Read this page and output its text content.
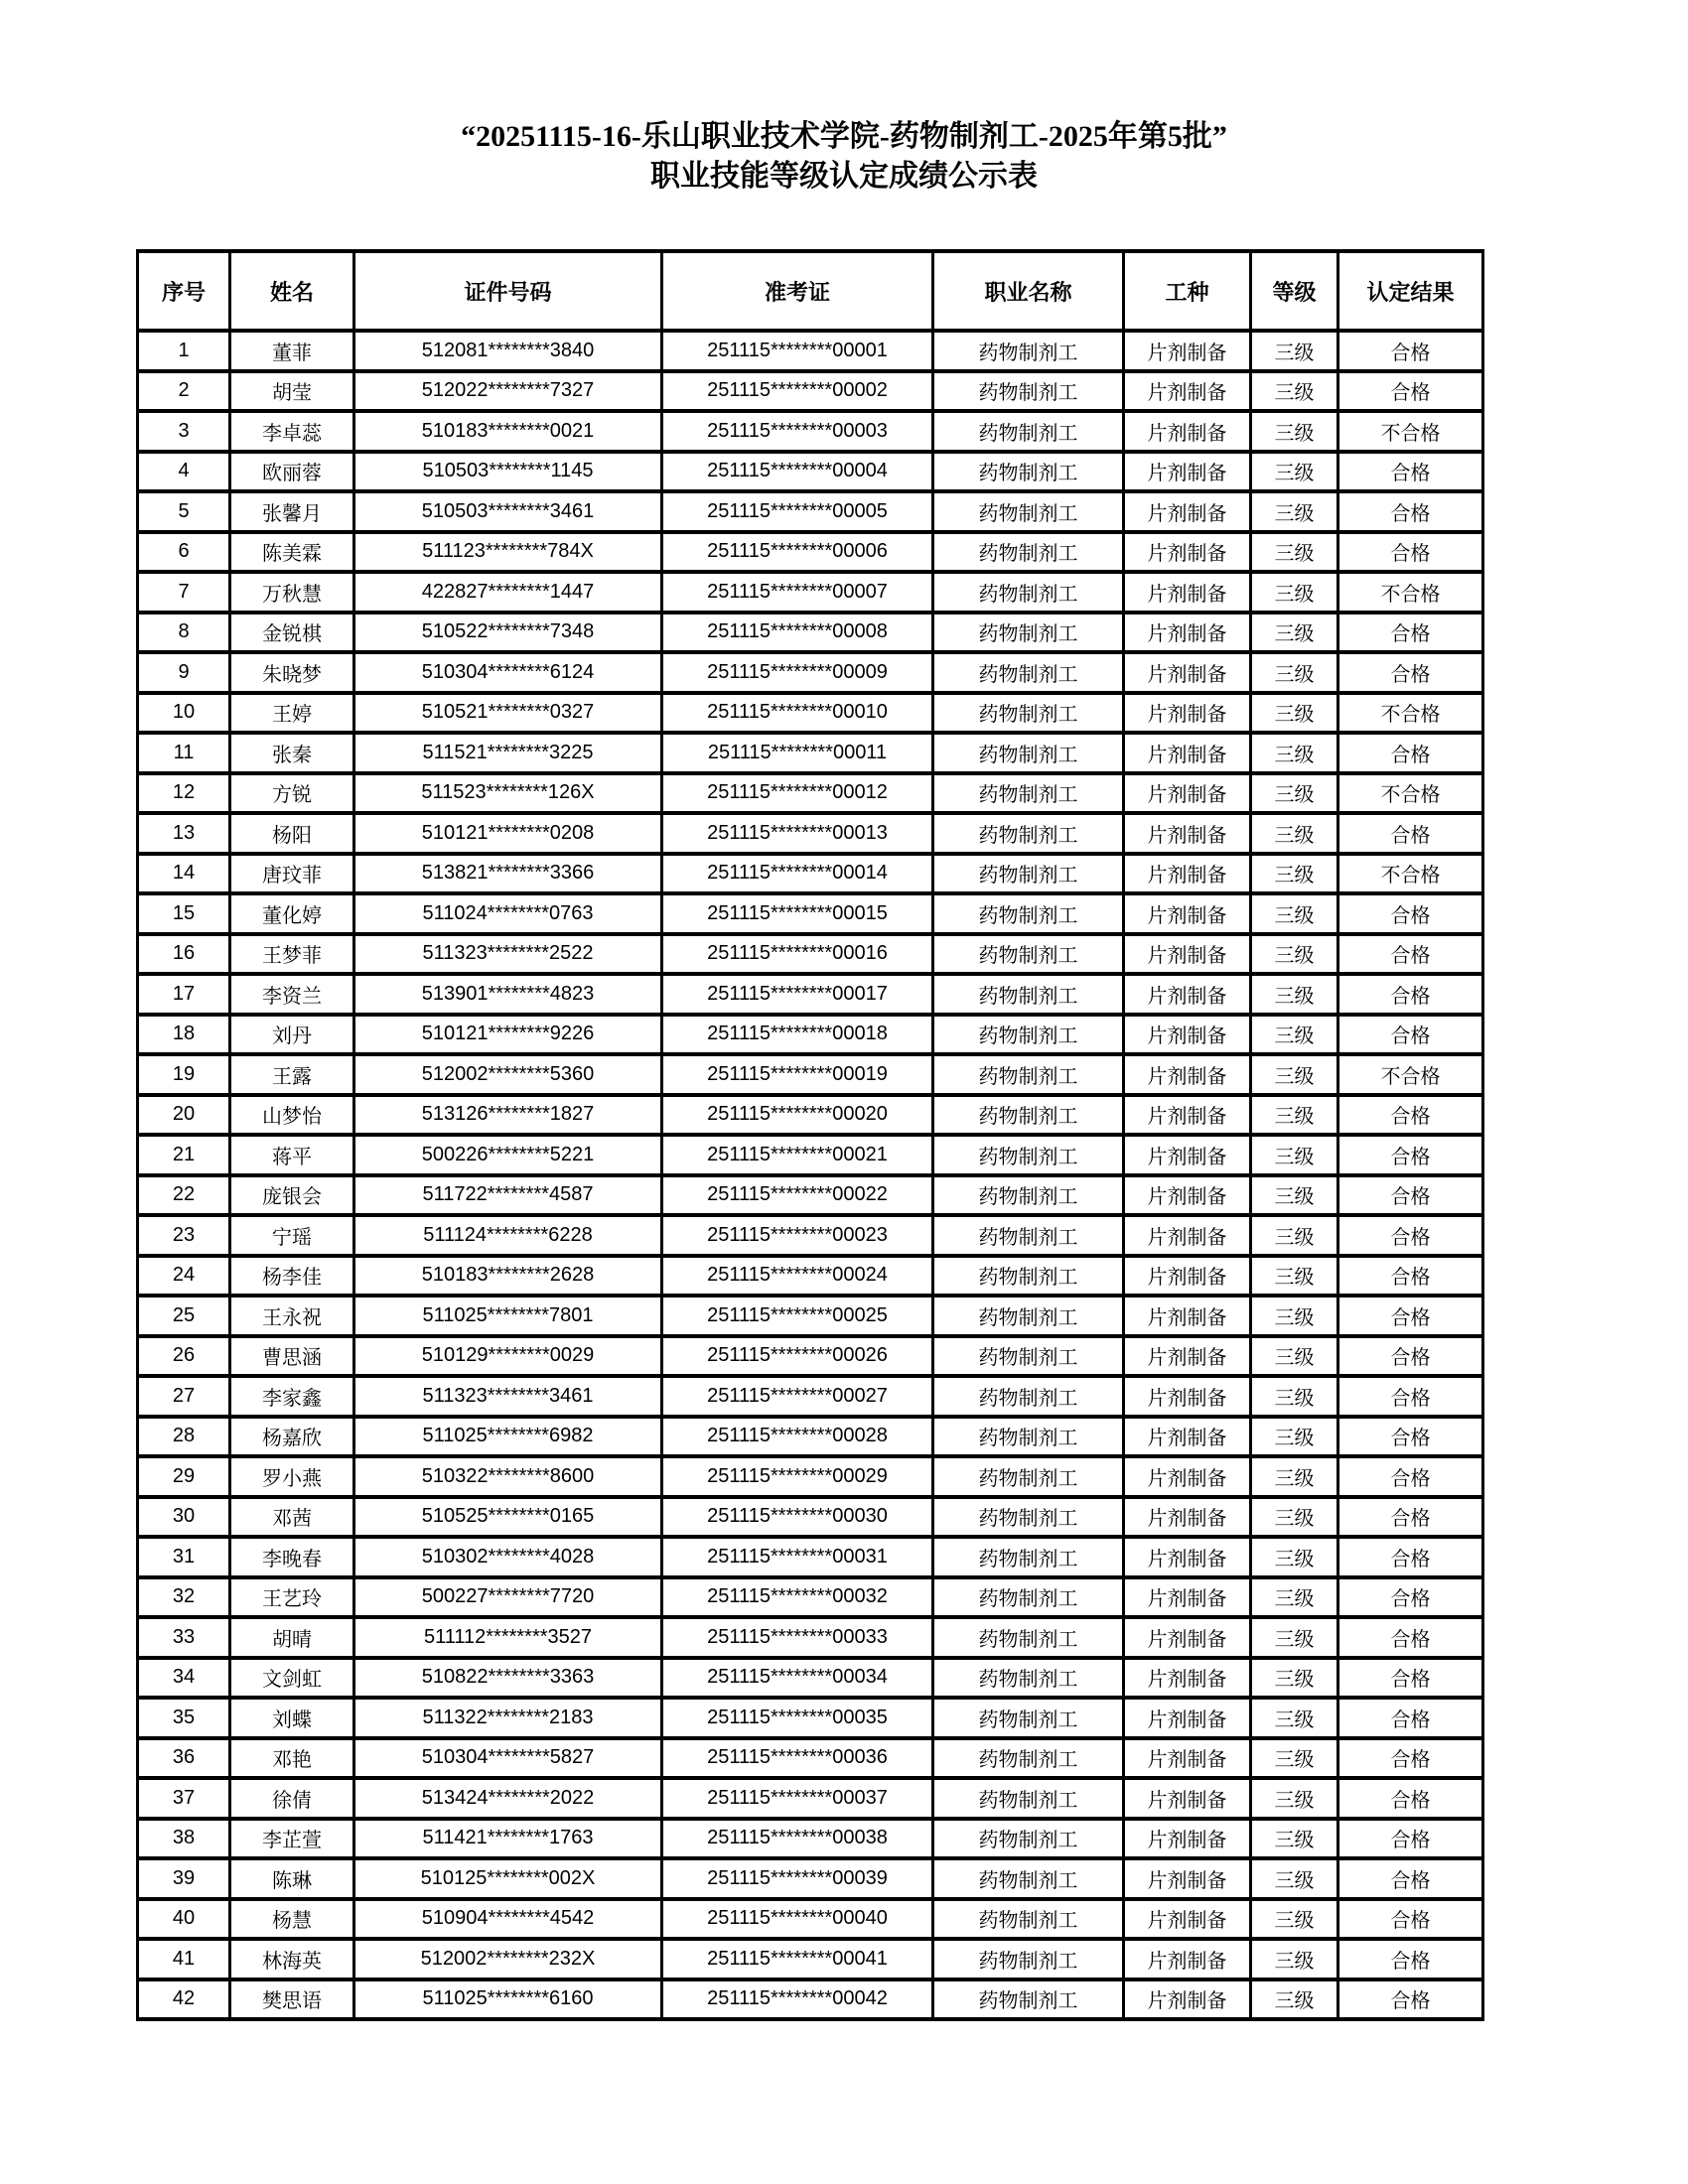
“20251115-16-乐山职业技术学院-药物制剂工-2025年第5批”
职业技能等级认定成绩公示表
序号	姓名	证件号码	准考证	职业名称	工种	等级	认定结果
1	董菲	512081********3840	251115********00001	药物制剂工	片剂制备	三级	合格
2	胡莹	512022********7327	251115********00002	药物制剂工	片剂制备	三级	合格
3	李卓蕊	510183********0021	251115********00003	药物制剂工	片剂制备	三级	不合格
4	欧丽蓉	510503********1145	251115********00004	药物制剂工	片剂制备	三级	合格
5	张馨月	510503********3461	251115********00005	药物制剂工	片剂制备	三级	合格
6	陈美霖	511123********784X	251115********00006	药物制剂工	片剂制备	三级	合格
7	万秋慧	422827********1447	251115********00007	药物制剂工	片剂制备	三级	不合格
8	金锐棋	510522********7348	251115********00008	药物制剂工	片剂制备	三级	合格
9	朱晓梦	510304********6124	251115********00009	药物制剂工	片剂制备	三级	合格
10	王婷	510521********0327	251115********00010	药物制剂工	片剂制备	三级	不合格
11	张秦	511521********3225	251115********00011	药物制剂工	片剂制备	三级	合格
12	方锐	511523********126X	251115********00012	药物制剂工	片剂制备	三级	不合格
13	杨阳	510121********0208	251115********00013	药物制剂工	片剂制备	三级	合格
14	唐玟菲	513821********3366	251115********00014	药物制剂工	片剂制备	三级	不合格
15	董化婷	511024********0763	251115********00015	药物制剂工	片剂制备	三级	合格
16	王梦菲	511323********2522	251115********00016	药物制剂工	片剂制备	三级	合格
17	李资兰	513901********4823	251115********00017	药物制剂工	片剂制备	三级	合格
18	刘丹	510121********9226	251115********00018	药物制剂工	片剂制备	三级	合格
19	王露	512002********5360	251115********00019	药物制剂工	片剂制备	三级	不合格
20	山梦怡	513126********1827	251115********00020	药物制剂工	片剂制备	三级	合格
21	蒋平	500226********5221	251115********00021	药物制剂工	片剂制备	三级	合格
22	庞银会	511722********4587	251115********00022	药物制剂工	片剂制备	三级	合格
23	宁瑶	511124********6228	251115********00023	药物制剂工	片剂制备	三级	合格
24	杨李佳	510183********2628	251115********00024	药物制剂工	片剂制备	三级	合格
25	王永祝	511025********7801	251115********00025	药物制剂工	片剂制备	三级	合格
26	曹思涵	510129********0029	251115********00026	药物制剂工	片剂制备	三级	合格
27	李家鑫	511323********3461	251115********00027	药物制剂工	片剂制备	三级	合格
28	杨嘉欣	511025********6982	251115********00028	药物制剂工	片剂制备	三级	合格
29	罗小燕	510322********8600	251115********00029	药物制剂工	片剂制备	三级	合格
30	邓茜	510525********0165	251115********00030	药物制剂工	片剂制备	三级	合格
31	李晚春	510302********4028	251115********00031	药物制剂工	片剂制备	三级	合格
32	王艺玲	500227********7720	251115********00032	药物制剂工	片剂制备	三级	合格
33	胡晴	511112********3527	251115********00033	药物制剂工	片剂制备	三级	合格
34	文剑虹	510822********3363	251115********00034	药物制剂工	片剂制备	三级	合格
35	刘蝶	511322********2183	251115********00035	药物制剂工	片剂制备	三级	合格
36	邓艳	510304********5827	251115********00036	药物制剂工	片剂制备	三级	合格
37	徐倩	513424********2022	251115********00037	药物制剂工	片剂制备	三级	合格
38	李芷萱	511421********1763	251115********00038	药物制剂工	片剂制备	三级	合格
39	陈琳	510125********002X	251115********00039	药物制剂工	片剂制备	三级	合格
40	杨慧	510904********4542	251115********00040	药物制剂工	片剂制备	三级	合格
41	林海英	512002********232X	251115********00041	药物制剂工	片剂制备	三级	合格
42	樊思语	511025********6160	251115********00042	药物制剂工	片剂制备	三级	合格
